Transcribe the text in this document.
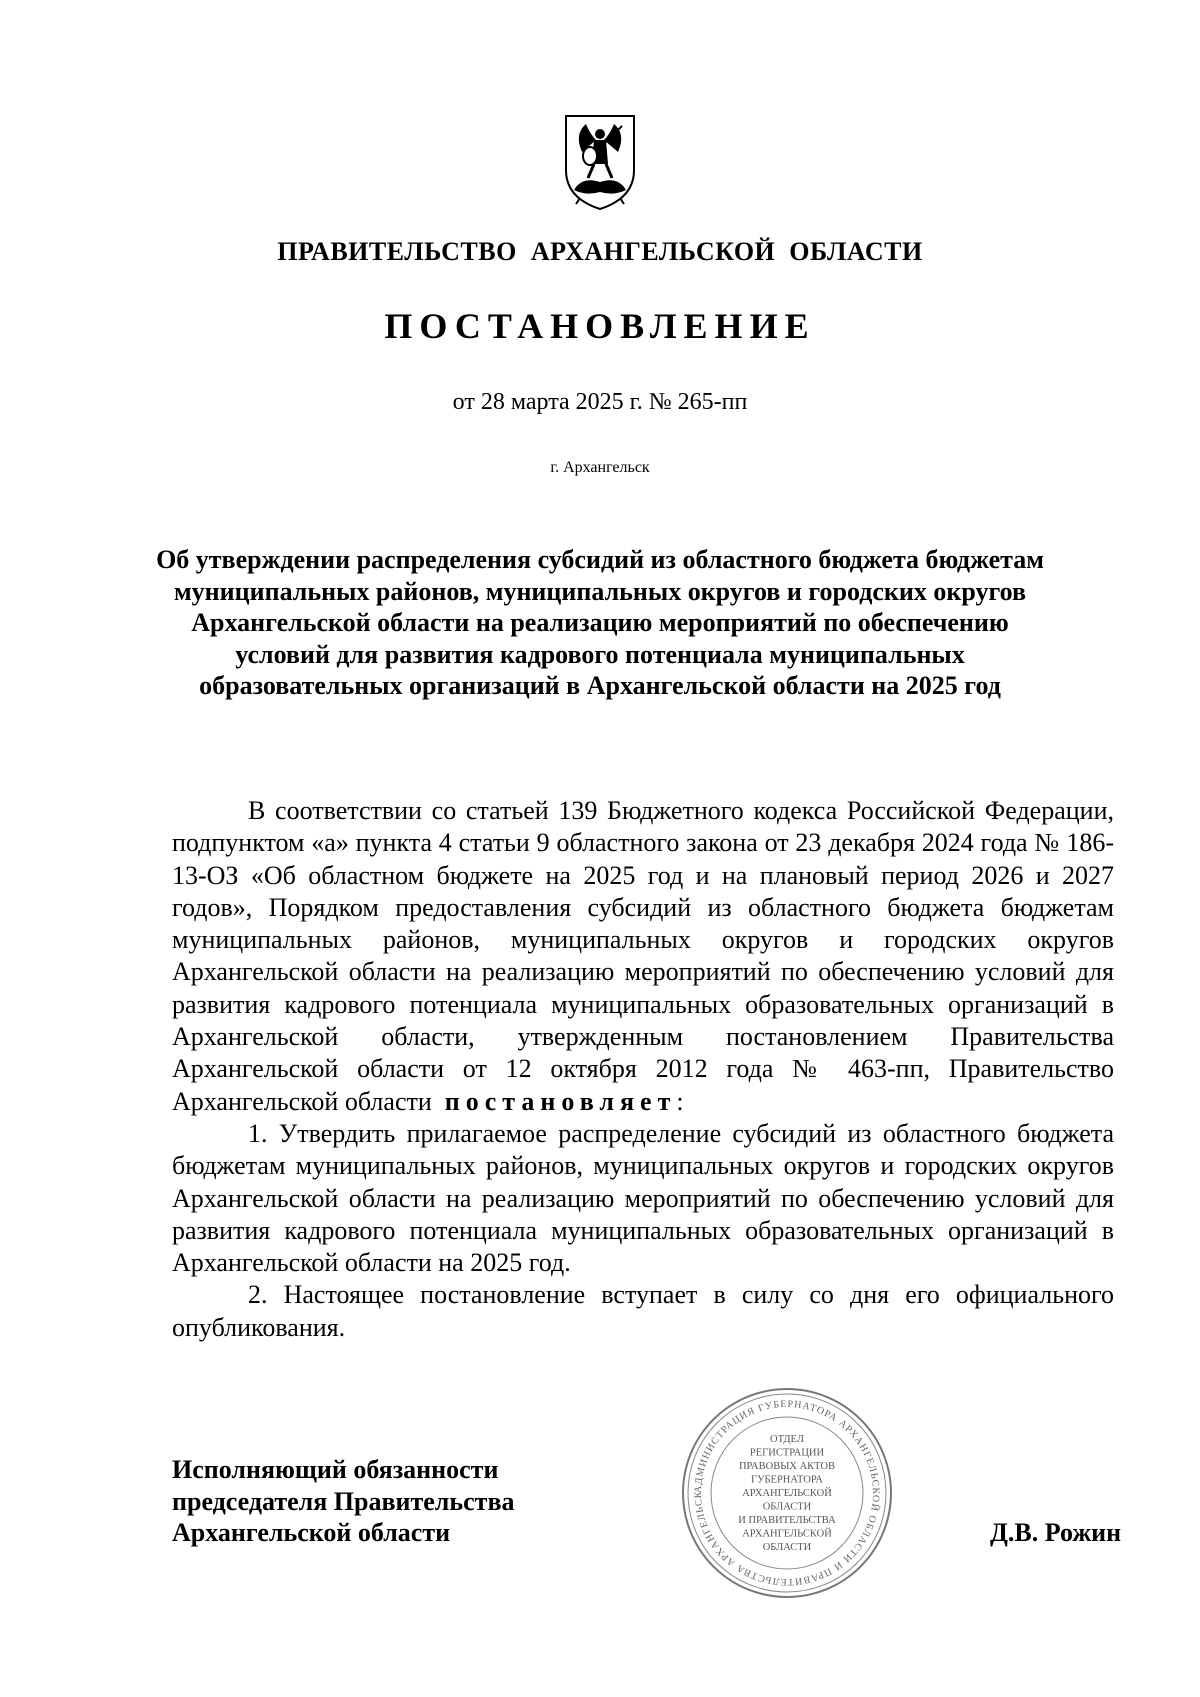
ПРАВИТЕЛЬСТВО  АРХАНГЕЛЬСКОЙ  ОБЛАСТИ
ПОСТАНОВЛЕНИЕ
от 28 марта 2025 г. № 265-пп
г. Архангельск
Об утверждении распределения субсидий из областного бюджета бюджетам муниципальных районов, муниципальных округов и городских округов Архангельской области на реализацию мероприятий по обеспечению условий для развития кадрового потенциала муниципальных образовательных организаций в Архангельской области на 2025 год

В соответствии со статьей 139 Бюджетного кодекса Российской Федерации, подпунктом «а» пункта 4 статьи 9 областного закона от 23 декабря 2024 года № 186-13-ОЗ «Об областном бюджете на 2025 год и на плановый период 2026 и 2027 годов», Порядком предоставления субсидий из областного бюджета бюджетам муниципальных районов, муниципальных округов и городских округов Архангельской области на реализацию мероприятий по обеспечению условий для развития кадрового потенциала муниципальных образовательных организаций в Архангельской области, утвержденным постановлением Правительства Архангельской области от 12 октября 2012 года № 463-пп, Правительство Архангельской области постановляет:

1. Утвердить прилагаемое распределение субсидий из областного бюджета бюджетам муниципальных районов, муниципальных округов и городских округов Архангельской области на реализацию мероприятий по обеспечению условий для развития кадрового потенциала муниципальных образовательных организаций в Архангельской области на 2025 год.

2. Настоящее постановление вступает в силу со дня его официального опубликования.

Исполняющий обязанности
председателя Правительства
Архангельской области	Д.В. Рожин
АДМИНИСТРАЦИЯ ГУБЕРНАТОРА АРХАНГЕЛЬСКОЙ ОБЛАСТИ И ПРАВИТЕЛЬСТВА АРХАНГЕЛЬСК
ОТДЕЛ
РЕГИСТРАЦИИ
ПРАВОВЫХ АКТОВ
ГУБЕРНАТОРА
АРХАНГЕЛЬСКОЙ
ОБЛАСТИ
И ПРАВИТЕЛЬСТВА
АРХАНГЕЛЬСКОЙ
ОБЛАСТИ
